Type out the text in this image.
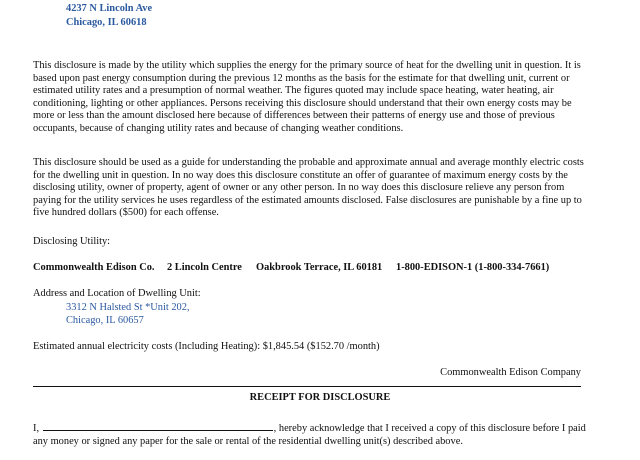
4237 N Lincoln Ave
Chicago, IL 60618
This disclosure is made by the utility which supplies the energy for the primary source of heat for the dwelling unit in question. It is based upon past energy consumption during the previous 12 months as the basis for the estimate for that dwelling unit, current or estimated utility rates and a presumption of normal weather. The figures quoted may include space heating, water heating, air conditioning, lighting or other appliances. Persons receiving this disclosure should understand that their own energy costs may be more or less than the amount disclosed here because of differences between their patterns of energy use and those of previous occupants, because of changing utility rates and because of changing weather conditions.
This disclosure should be used as a guide for understanding the probable and approximate annual and average monthly electric costs for the dwelling unit in question. In no way does this disclosure constitute an offer of guarantee of maximum energy costs by the disclosing utility, owner of property, agent of owner or any other person. In no way does this disclosure relieve any person from paying for the utility services he uses regardless of the estimated amounts disclosed. False disclosures are punishable by a fine up to five hundred dollars ($500) for each offense.
Disclosing Utility:
Commonwealth Edison Co. 2 Lincoln Centre Oakbrook Terrace, IL 60181 1-800-EDISON-1 (1-800-334-7661)
Address and Location of Dwelling Unit:
3312 N Halsted St *Unit 202,
Chicago, IL 60657
Estimated annual electricity costs (Including Heating): $1,845.54 ($152.70 /month)
Commonwealth Edison Company
RECEIPT FOR DISCLOSURE
I,	, hereby acknowledge that I received a copy of this disclosure before I paid any money or signed any paper for the sale or rental of the residential dwelling unit(s) described above.
